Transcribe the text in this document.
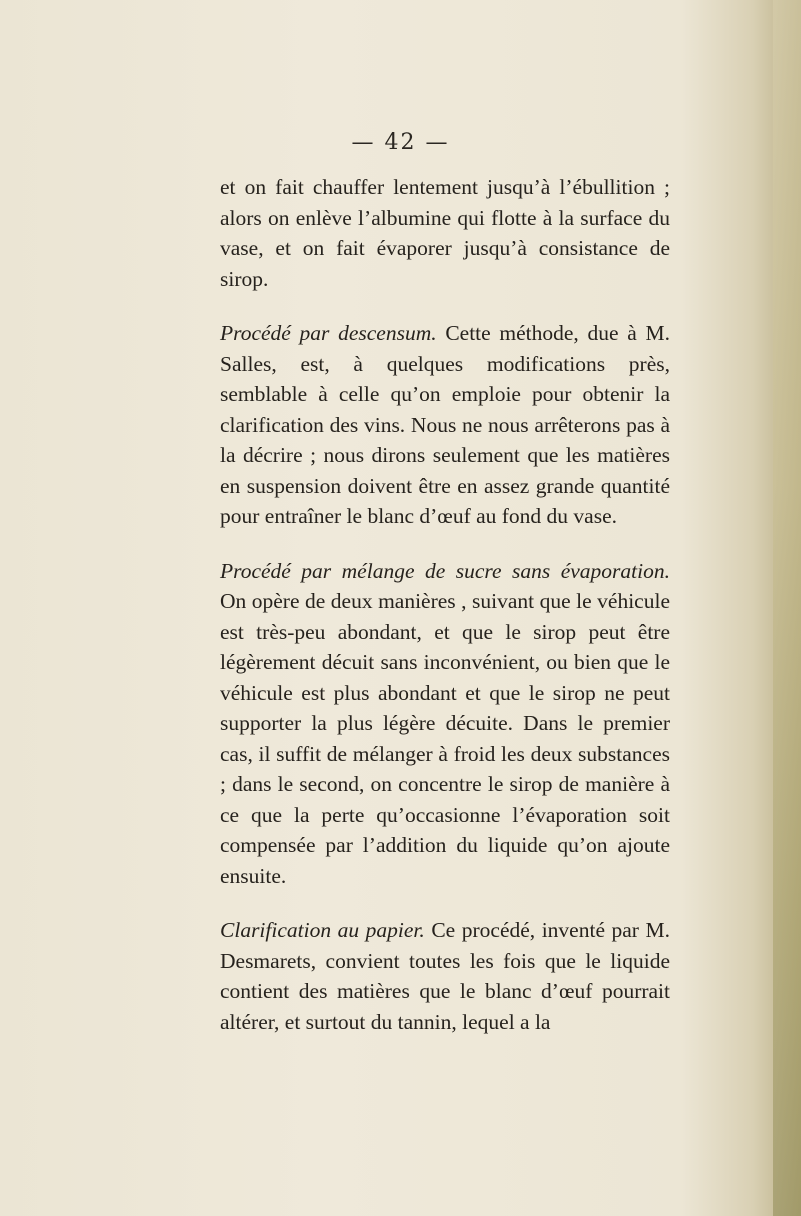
— 42 —

et on fait chauffer lentement jusqu’à l’ébullition ; alors on enlève l’albumine qui flotte à la surface du vase, et on fait évaporer jusqu’à consistance de sirop.

Procédé par descensum. Cette méthode, due à M. Salles, est, à quelques modifications près, semblable à celle qu’on emploie pour obtenir la clarification des vins. Nous ne nous arrêterons pas à la décrire ; nous dirons seulement que les matières en suspension doivent être en assez grande quantité pour entraîner le blanc d’œuf au fond du vase.

Procédé par mélange de sucre sans évaporation. On opère de deux manières , suivant que le véhicule est très-peu abondant, et que le sirop peut être légèrement décuit sans inconvénient, ou bien que le véhicule est plus abondant et que le sirop ne peut supporter la plus légère décuite. Dans le premier cas, il suffit de mélanger à froid les deux substances ; dans le second, on concentre le sirop de manière à ce que la perte qu’occasionne l’évaporation soit compensée par l’addition du liquide qu’on ajoute ensuite.

Clarification au papier. Ce procédé, inventé par M. Desmarets, convient toutes les fois que le liquide contient des matières que le blanc d’œuf pourrait altérer, et surtout du tannin, lequel a la
